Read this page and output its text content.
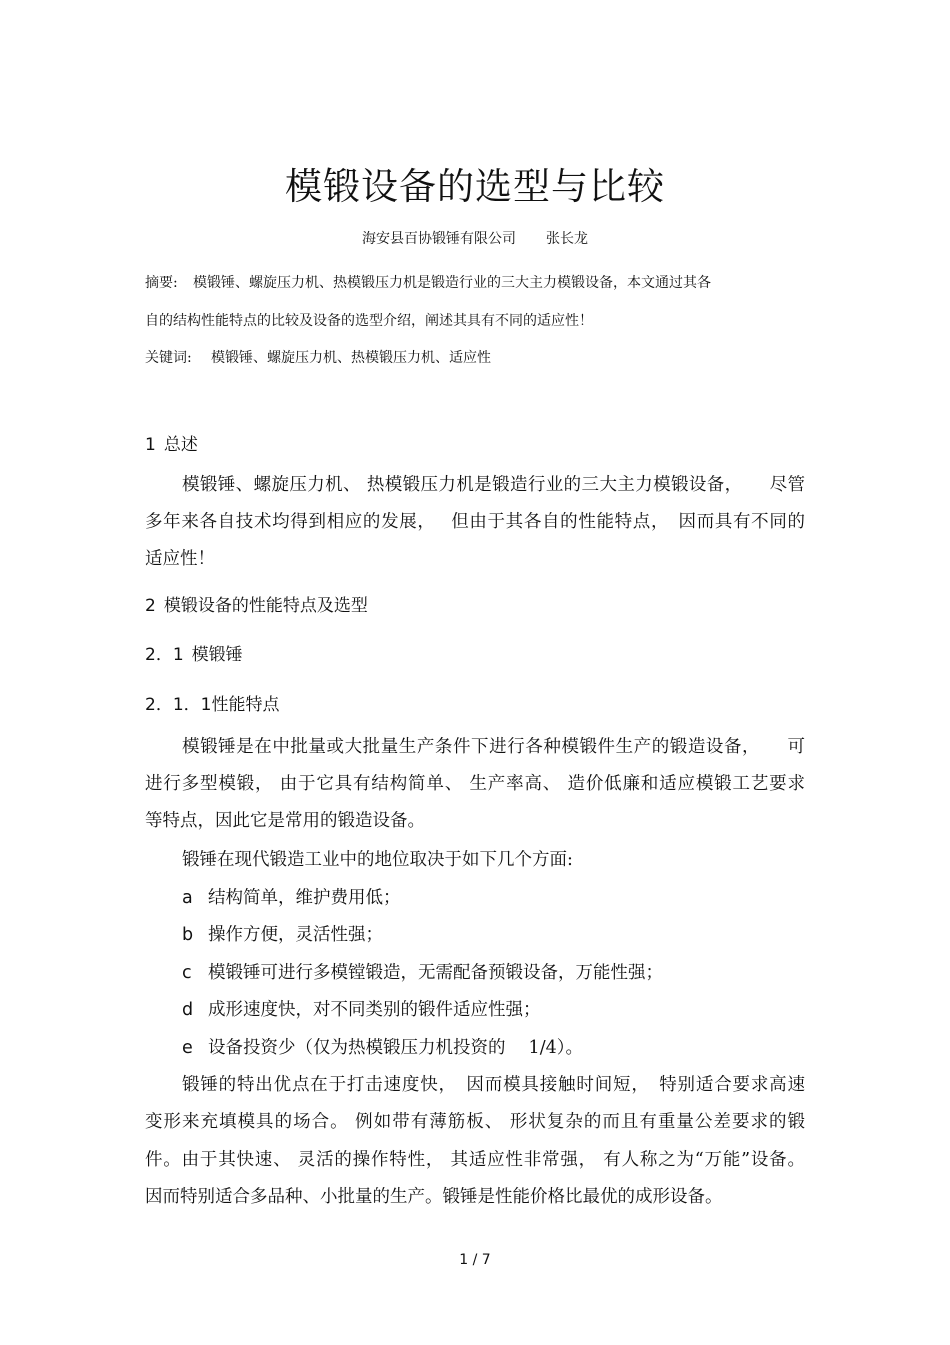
模锻设备的选型与比较
海安县百协锻锤有限公司 张长龙
摘要: 模锻锤、螺旋压力机、热模锻压力机是锻造行业的三大主力模锻设备，本文通过其各
自的结构性能特点的比较及设备的选型介绍，阐述其具有不同的适应性！
关键词: 模锻锤、螺旋压力机、热模锻压力机、适应性
1 总述
模锻锤、螺旋压力机、 热模锻压力机是锻造行业的三大主力模锻设备，　　尽管
多年来各自技术均得到相应的发展，　 但由于其各自的性能特点，　因而具有不同的
适应性！
2 模锻设备的性能特点及选型
2．1 模锻锤
2．1．1性能特点
模锻锤是在中批量或大批量生产条件下进行各种模锻件生产的锻造设备，　　可
进行多型模锻， 由于它具有结构简单、 生产率高、 造价低廉和适应模锻工艺要求
等特点，因此它是常用的锻造设备。
锻锤在现代锻造工业中的地位取决于如下几个方面:
a 结构简单，维护费用低；
b 操作方便，灵活性强；
c 模锻锤可进行多模镗锻造，无需配备预锻设备，万能性强；
d 成形速度快，对不同类别的锻件适应性强；
e 设备投资少（仅为热模锻压力机投资的　 1/4）。
锻锤的特出优点在于打击速度快，　因而模具接触时间短，　特别适合要求高速
变形来充填模具的场合。 例如带有薄筋板、 形状复杂的而且有重量公差要求的锻
件。由于其快速、 灵活的操作特性， 其适应性非常强， 有人称之为“万能”设备。
因而特别适合多品种、小批量的生产。锻锤是性能价格比最优的成形设备。
1 / 7
